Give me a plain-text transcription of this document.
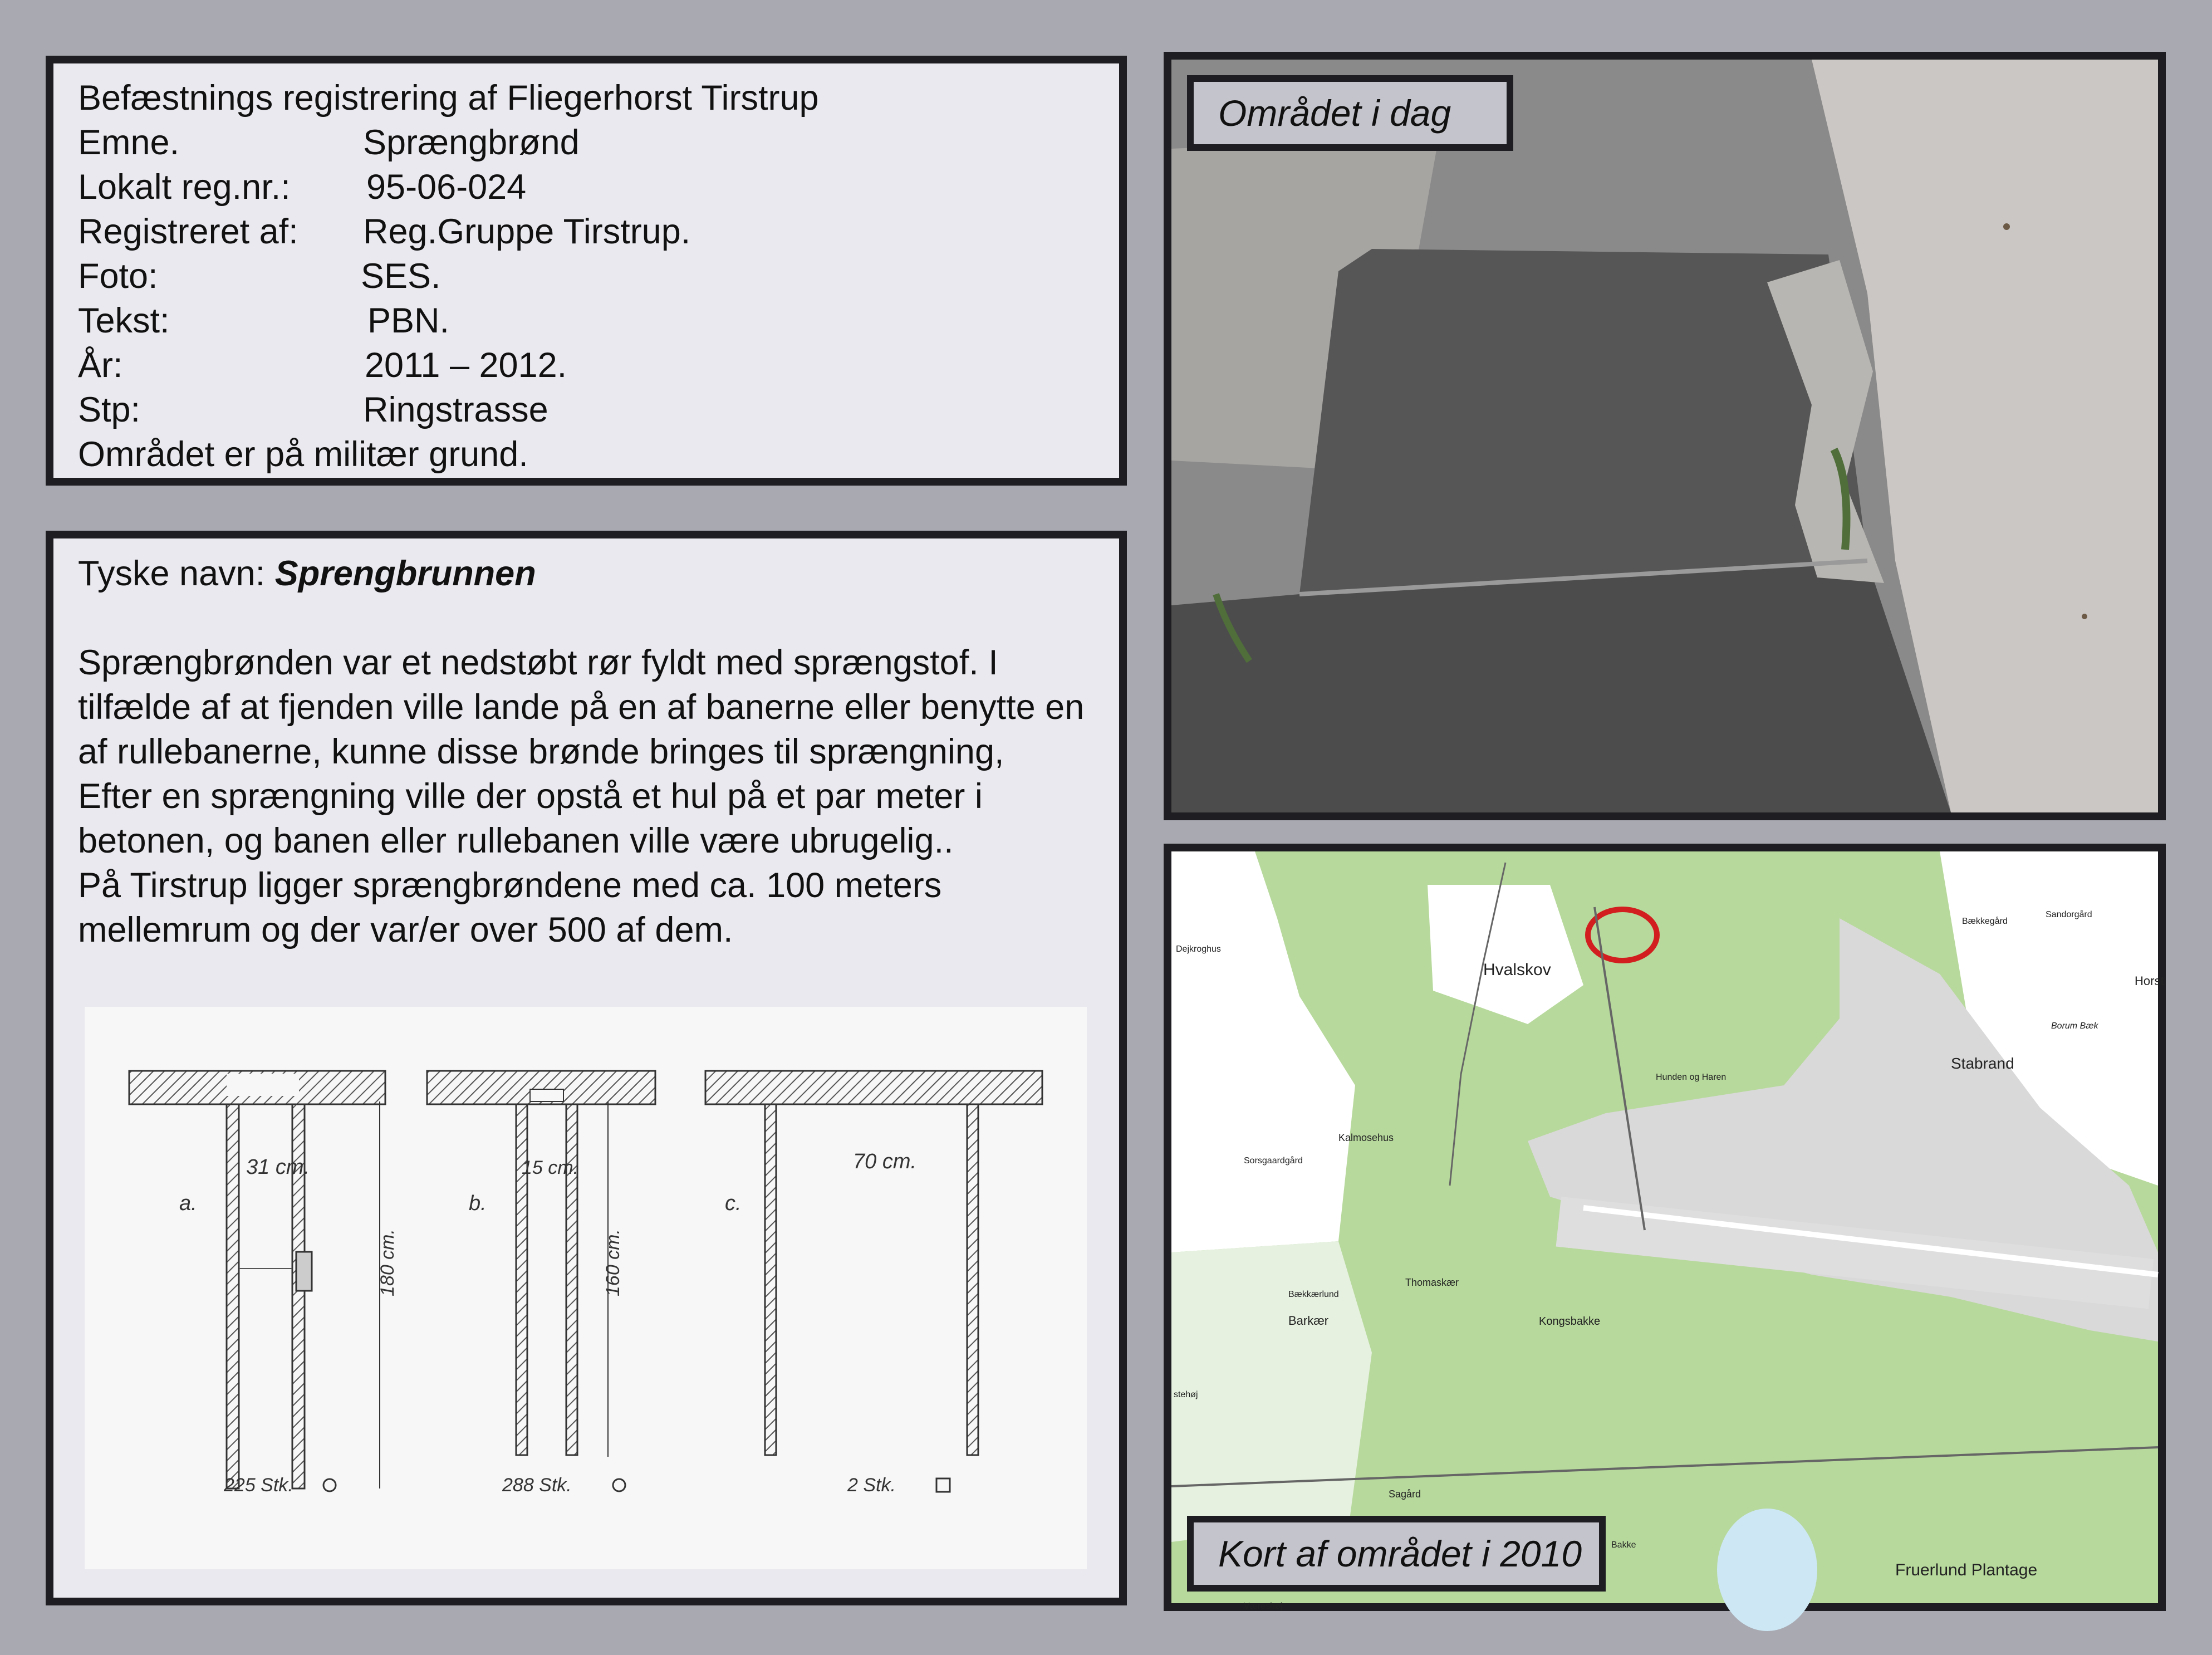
Befæstnings registrering af Fliegerhorst Tirstrup
Emne.	Sprængbrønd
Lokalt reg.nr.: 95-06-024
Registreret af: Reg.Gruppe Tirstrup.
Foto:	SES.
Tekst:	PBN.
År:	2011 – 2012.
Stp:	Ringstrasse
Området er på militær grund.
Tyske navn: Sprengbrunnen

Sprængbrønden var et nedstøbt rør fyldt med sprængstof. I tilfælde af at fjenden ville lande på en af banerne eller benytte en af rullebanerne, kunne disse brønde bringes til sprængning,

Efter en sprængning ville der opstå et hul på et par meter i betonen, og banen eller rullebanen ville være ubrugelig..

På Tirstrup ligger sprængbrøndene med ca. 100 meters mellemrum og der var/er over 500 af dem.

31 cm.
a.
180 cm.
225 Stk.
15 cm.
b.
160 cm.
288 Stk.
70 cm.
c.
2 Stk.
Området i dag
Hvalskov
Stabrand
Fruerlund Plantage
Barkær	Kongsbakke
Thomaskær
Kalmosehus
Bækkegård
Sandorgård
Borum Bæk
Sagård
Hunden og Haren
Dejkroghus
Sorsgaardgård
Bækkærlund
Horst
Væreshøj
Bakke
stehøj
Kort af området i 2010
